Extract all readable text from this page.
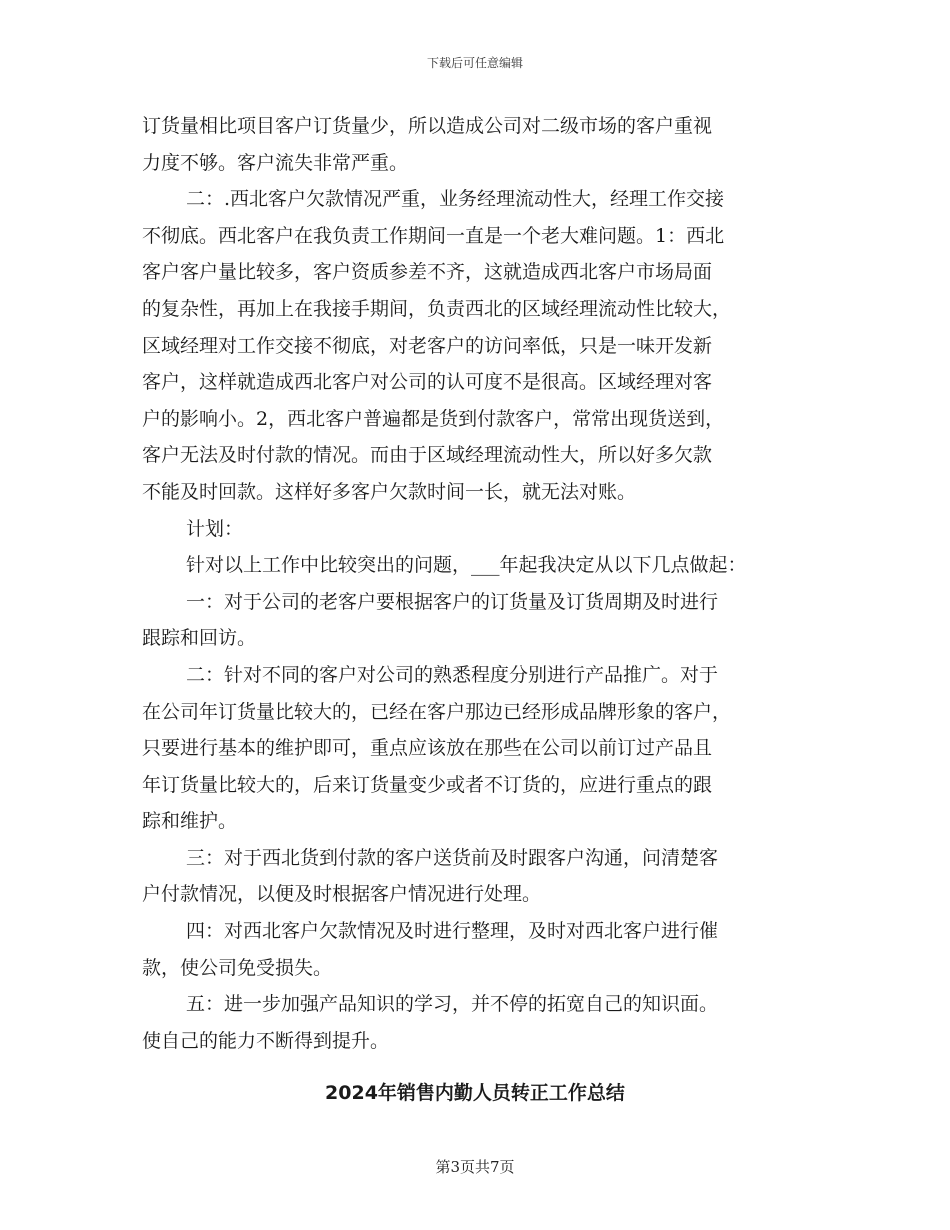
下载后可任意编辑
订货量相比项目客户订货量少，所以造成公司对二级市场的客户重视
力度不够。客户流失非常严重。
二：.西北客户欠款情况严重，业务经理流动性大，经理工作交接
不彻底。西北客户在我负责工作期间一直是一个老大难问题。1：西北
客户客户量比较多，客户资质参差不齐，这就造成西北客户市场局面
的复杂性，再加上在我接手期间，负责西北的区域经理流动性比较大，
区域经理对工作交接不彻底，对老客户的访问率低，只是一味开发新
客户，这样就造成西北客户对公司的认可度不是很高。区域经理对客
户的影响小。2，西北客户普遍都是货到付款客户，常常出现货送到，
客户无法及时付款的情况。而由于区域经理流动性大，所以好多欠款
不能及时回款。这样好多客户欠款时间一长，就无法对账。
计划：
针对以上工作中比较突出的问题，___年起我决定从以下几点做起：
一：对于公司的老客户要根据客户的订货量及订货周期及时进行
跟踪和回访。
二：针对不同的客户对公司的熟悉程度分别进行产品推广。对于
在公司年订货量比较大的，已经在客户那边已经形成品牌形象的客户，
只要进行基本的维护即可，重点应该放在那些在公司以前订过产品且
年订货量比较大的，后来订货量变少或者不订货的，应进行重点的跟
踪和维护。
三：对于西北货到付款的客户送货前及时跟客户沟通，问清楚客
户付款情况，以便及时根据客户情况进行处理。
四：对西北客户欠款情况及时进行整理，及时对西北客户进行催
款，使公司免受损失。
五：进一步加强产品知识的学习，并不停的拓宽自己的知识面。
使自己的能力不断得到提升。
2024年销售内勤人员转正工作总结
第3页共7页
